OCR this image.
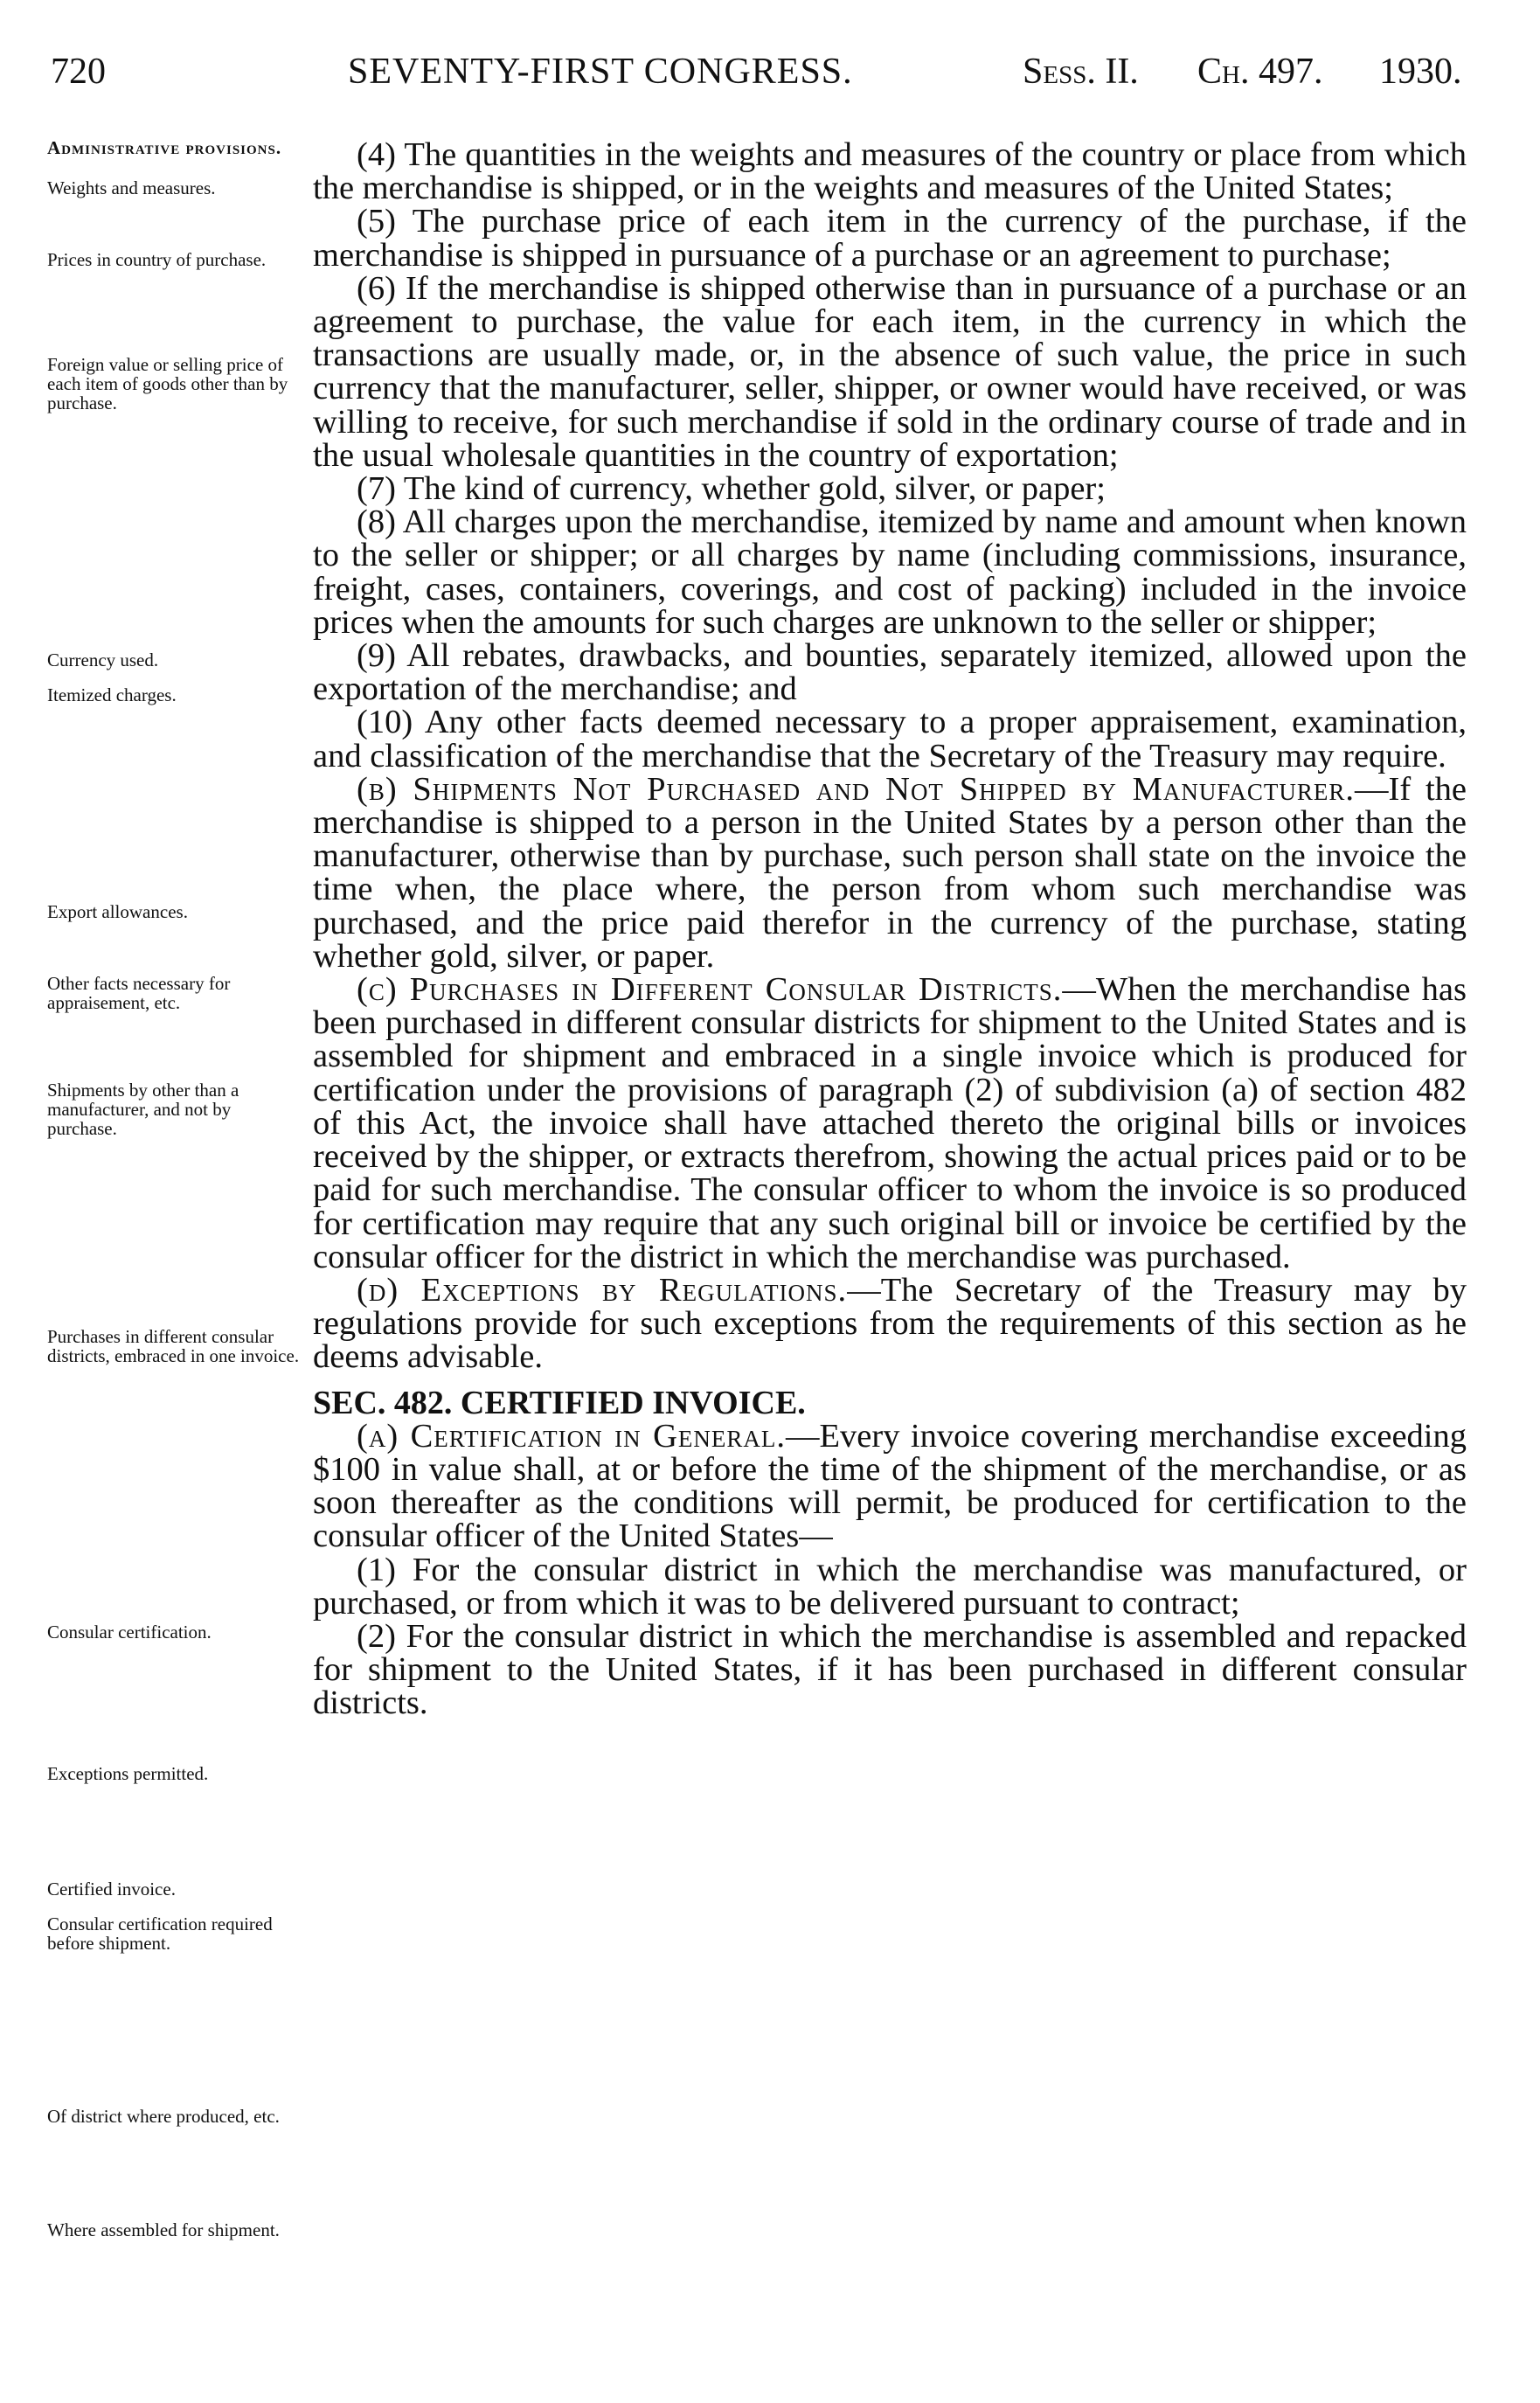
720	SEVENTY-FIRST CONGRESS.	Sess. II. Ch. 497. 1930.
Administrative provisions.
Weights and measures.
Prices in country of purchase.
Foreign value or selling price of each item of goods other than by purchase.
Currency used.
Itemized charges.
Export allowances.
Other facts necessary for appraisement, etc.
Shipments by other than a manufacturer, and not by purchase.
Purchases in different consular districts, embraced in one invoice.
Consular certification.
Exceptions permitted.
Certified invoice.
Consular certification required before shipment.
Of district where produced, etc.
Where assembled for shipment.

(4) The quantities in the weights and measures of the country or place from which the merchandise is shipped, or in the weights and measures of the United States;

(5) The purchase price of each item in the currency of the purchase, if the merchandise is shipped in pursuance of a purchase or an agreement to purchase;

(6) If the merchandise is shipped otherwise than in pursuance of a purchase or an agreement to purchase, the value for each item, in the currency in which the transactions are usually made, or, in the absence of such value, the price in such currency that the manufacturer, seller, shipper, or owner would have received, or was willing to receive, for such merchandise if sold in the ordinary course of trade and in the usual wholesale quantities in the country of exportation;

(7) The kind of currency, whether gold, silver, or paper;

(8) All charges upon the merchandise, itemized by name and amount when known to the seller or shipper; or all charges by name (including commissions, insurance, freight, cases, containers, coverings, and cost of packing) included in the invoice prices when the amounts for such charges are unknown to the seller or shipper;

(9) All rebates, drawbacks, and bounties, separately itemized, allowed upon the exportation of the merchandise; and

(10) Any other facts deemed necessary to a proper appraisement, examination, and classification of the merchandise that the Secretary of the Treasury may require.

(b) Shipments Not Purchased and Not Shipped by Manufacturer.—If the merchandise is shipped to a person in the United States by a person other than the manufacturer, otherwise than by purchase, such person shall state on the invoice the time when, the place where, the person from whom such merchandise was purchased, and the price paid therefor in the currency of the purchase, stating whether gold, silver, or paper.

(c) Purchases in Different Consular Districts.—When the merchandise has been purchased in different consular districts for shipment to the United States and is assembled for shipment and embraced in a single invoice which is produced for certification under the provisions of paragraph (2) of subdivision (a) of section 482 of this Act, the invoice shall have attached thereto the original bills or invoices received by the shipper, or extracts therefrom, showing the actual prices paid or to be paid for such merchandise. The consular officer to whom the invoice is so produced for certification may require that any such original bill or invoice be certified by the consular officer for the district in which the merchandise was purchased.

(d) Exceptions by Regulations.—The Secretary of the Treasury may by regulations provide for such exceptions from the requirements of this section as he deems advisable.

SEC. 482. CERTIFIED INVOICE.

(a) Certification in General.—Every invoice covering merchandise exceeding $100 in value shall, at or before the time of the shipment of the merchandise, or as soon thereafter as the conditions will permit, be produced for certification to the consular officer of the United States—

(1) For the consular district in which the merchandise was manufactured, or purchased, or from which it was to be delivered pursuant to contract;

(2) For the consular district in which the merchandise is assembled and repacked for shipment to the United States, if it has been purchased in different consular districts.
